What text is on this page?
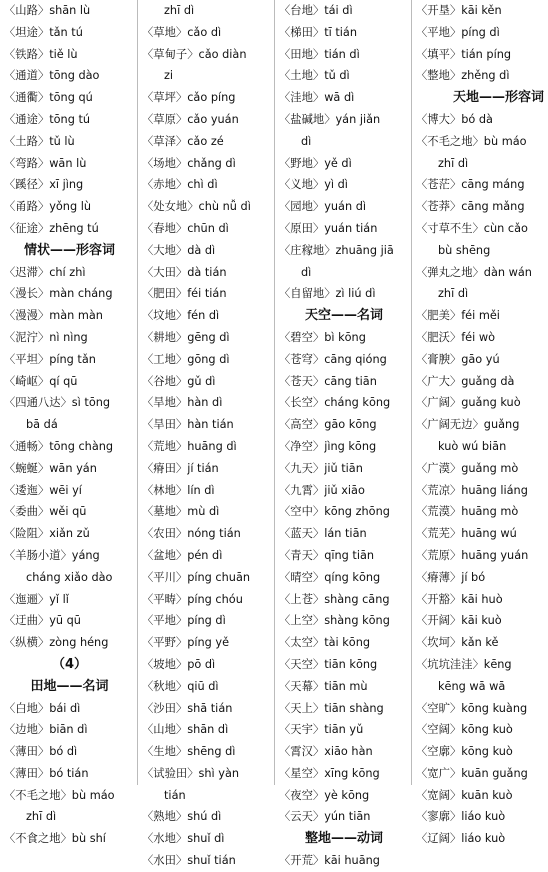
〈山路〉shān lù
〈坦途〉tǎn tú
〈铁路〉tiě lù
〈通道〉tōng dào
〈通衢〉tōng qú
〈通途〉tōng tú
〈土路〉tǔ lù
〈弯路〉wān lù
〈蹊径〉xī jìng
〈甬路〉yǒng lù
〈征途〉zhēng tú
情状——形容词
〈迟滞〉chí zhì
〈漫长〉màn cháng
〈漫漫〉màn màn
〈泥泞〉nì nìng
〈平坦〉píng tǎn
〈崎岖〉qí qū
〈四通八达〉sì tōng
bā dá
〈通畅〉tōng chàng
〈蜿蜒〉wān yán
〈逶迤〉wēi yí
〈委曲〉wěi qū
〈险阻〉xiǎn zǔ
〈羊肠小道〉yáng
cháng xiǎo dào
〈迤逦〉yǐ lǐ
〈迂曲〉yū qū
〈纵横〉zòng héng
（4）
田地——名词
〈白地〉bái dì
〈边地〉biān dì
〈薄田〉bó dì
〈薄田〉bó tián
〈不毛之地〉bù máo
zhī dì
〈不食之地〉bù shí
zhī dì
〈草地〉cǎo dì
〈草甸子〉cǎo diàn
zi
〈草坪〉cǎo píng
〈草原〉cǎo yuán
〈草泽〉cǎo zé
〈场地〉chǎng dì
〈赤地〉chì dì
〈处女地〉chù nǚ dì
〈春地〉chūn dì
〈大地〉dà dì
〈大田〉dà tián
〈肥田〉féi tián
〈坟地〉fén dì
〈耕地〉gēng dì
〈工地〉gōng dì
〈谷地〉gǔ dì
〈旱地〉hàn dì
〈旱田〉hàn tián
〈荒地〉huāng dì
〈瘠田〉jí tián
〈林地〉lín dì
〈墓地〉mù dì
〈农田〉nóng tián
〈盆地〉pén dì
〈平川〉píng chuān
〈平畴〉píng chóu
〈平地〉píng dì
〈平野〉píng yě
〈坡地〉pō dì
〈秋地〉qiū dì
〈沙田〉shā tián
〈山地〉shān dì
〈生地〉shēng dì
〈试验田〉shì yàn
tián
〈熟地〉shú dì
〈水地〉shuǐ dì
〈水田〉shuǐ tián
〈台地〉tái dì
〈梯田〉tī tián
〈田地〉tián dì
〈土地〉tǔ dì
〈洼地〉wā dì
〈盐碱地〉yán jiǎn
dì
〈野地〉yě dì
〈义地〉yì dì
〈园地〉yuán dì
〈原田〉yuán tián
〈庄稼地〉zhuāng jiā
dì
〈自留地〉zì liú dì
天空——名词
〈碧空〉bì kōng
〈苍穹〉cāng qióng
〈苍天〉cāng tiān
〈长空〉cháng kōng
〈高空〉gāo kōng
〈净空〉jìng kōng
〈九天〉jiǔ tiān
〈九霄〉jiǔ xiāo
〈空中〉kōng zhōng
〈蓝天〉lán tiān
〈青天〉qīng tiān
〈晴空〉qíng kōng
〈上苍〉shàng cāng
〈上空〉shàng kōng
〈太空〉tài kōng
〈天空〉tiān kōng
〈天幕〉tiān mù
〈天上〉tiān shàng
〈天宇〉tiān yǔ
〈霄汉〉xiāo hàn
〈星空〉xīng kōng
〈夜空〉yè kōng
〈云天〉yún tiān
整地——动词
〈开荒〉kāi huāng
〈开垦〉kāi kěn
〈平地〉píng dì
〈填平〉tián píng
〈整地〉zhěng dì
天地——形容词
〈博大〉bó dà
〈不毛之地〉bù máo
zhī dì
〈苍茫〉cāng máng
〈苍莽〉cāng mǎng
〈寸草不生〉cùn cǎo
bù shēng
〈弹丸之地〉dàn wán
zhī dì
〈肥美〉féi měi
〈肥沃〉féi wò
〈膏腴〉gāo yú
〈广大〉guǎng dà
〈广阔〉guǎng kuò
〈广阔无边〉guǎng
kuò wú biān
〈广漠〉guǎng mò
〈荒凉〉huāng liáng
〈荒漠〉huāng mò
〈荒芜〉huāng wú
〈荒原〉huāng yuán
〈瘠薄〉jí bó
〈开豁〉kāi huò
〈开阔〉kāi kuò
〈坎坷〉kǎn kě
〈坑坑洼洼〉kēng
kēng wā wā
〈空旷〉kōng kuàng
〈空阔〉kōng kuò
〈空廓〉kōng kuò
〈宽广〉kuān guǎng
〈宽阔〉kuān kuò
〈寥廓〉liáo kuò
〈辽阔〉liáo kuò
